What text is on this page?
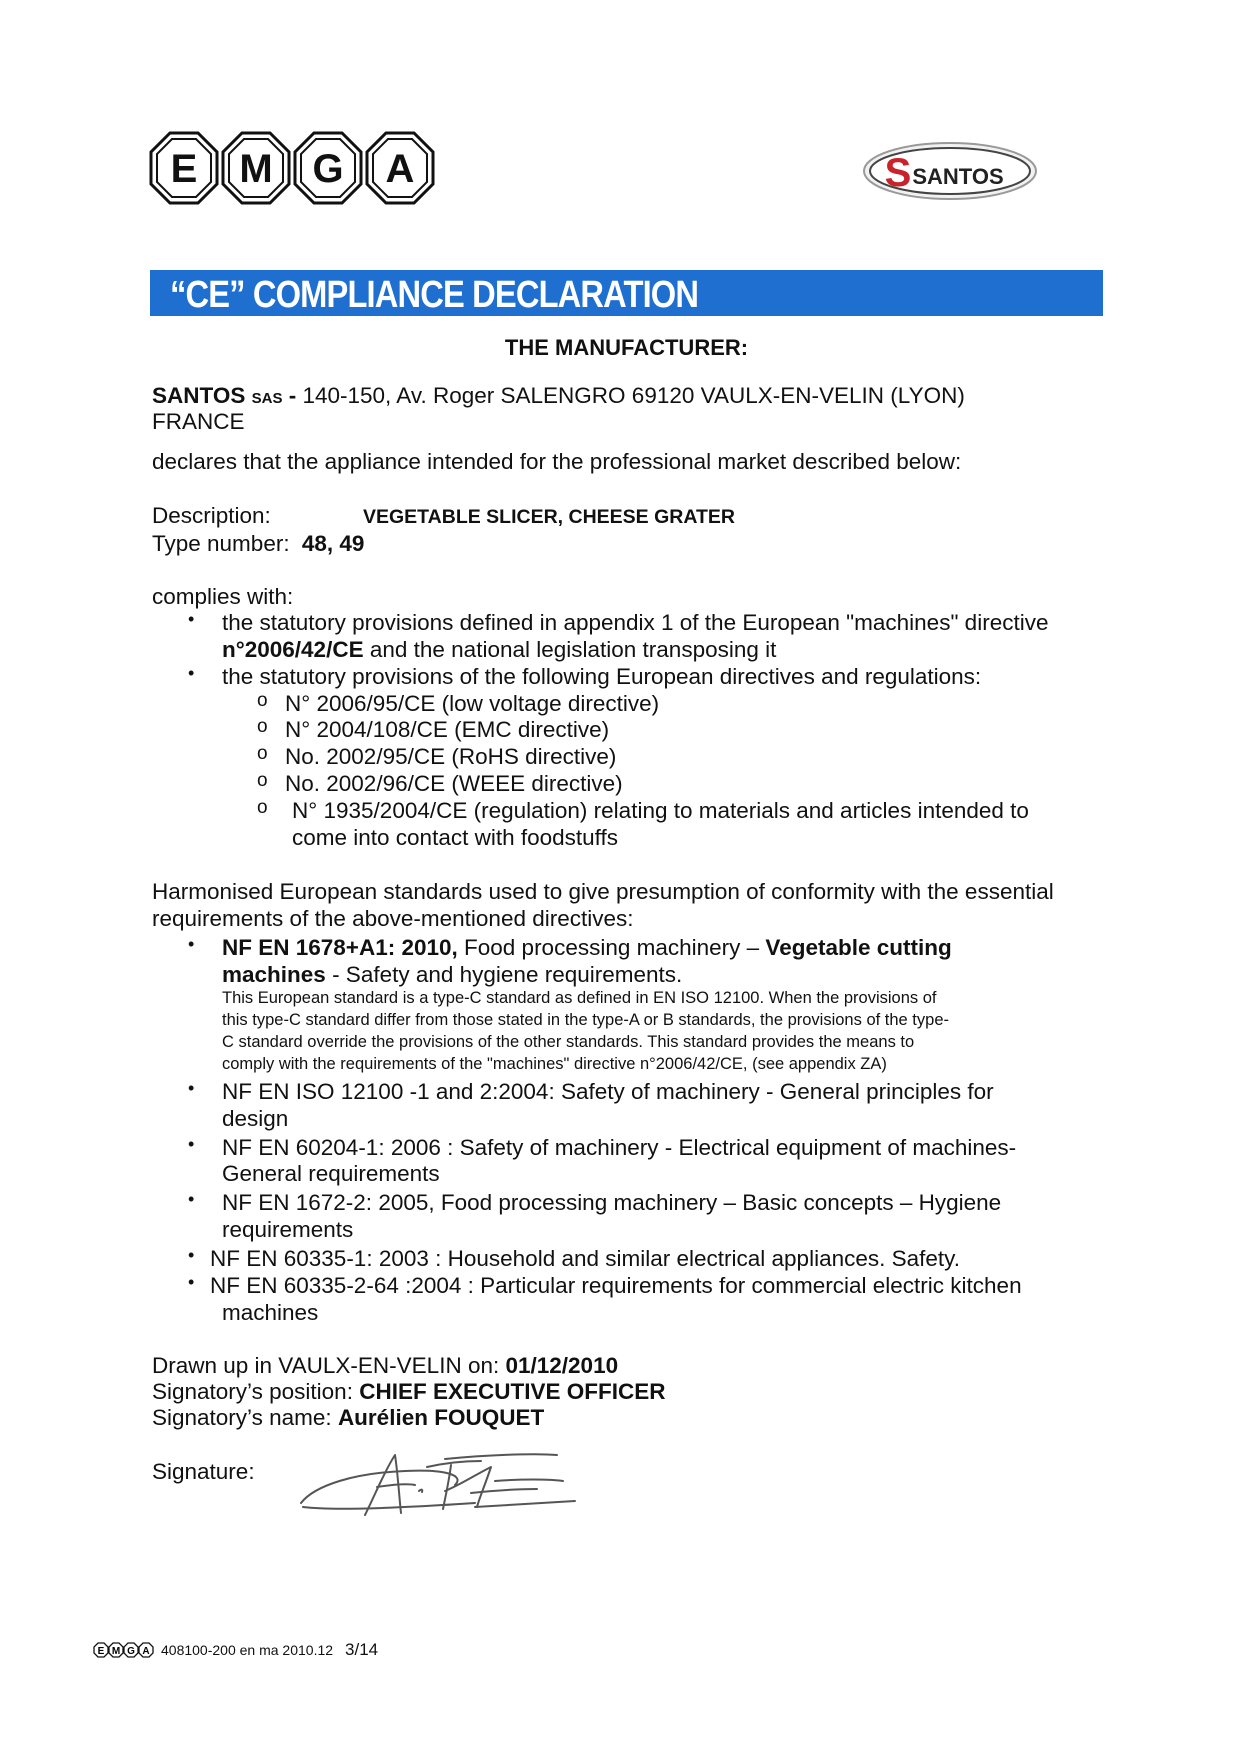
E M G A	S SANTOS
“CE” COMPLIANCE DECLARATION
THE MANUFACTURER:
SANTOS SAS - 140-150, Av. Roger SALENGRO 69120 VAULX-EN-VELIN (LYON)
FRANCE
declares that the appliance intended for the professional market described below:
Description:	VEGETABLE SLICER, CHEESE GRATER
Type number: 48, 49
complies with:
• the statutory provisions defined in appendix 1 of the European "machines" directive
n°2006/42/CE and the national legislation transposing it
• the statutory provisions of the following European directives and regulations:
o N° 2006/95/CE (low voltage directive)
o N° 2004/108/CE (EMC directive)
o No. 2002/95/CE (RoHS directive)
o No. 2002/96/CE (WEEE directive)
o N° 1935/2004/CE (regulation) relating to materials and articles intended to
come into contact with foodstuffs
Harmonised European standards used to give presumption of conformity with the essential
requirements of the above-mentioned directives:
• NF EN 1678+A1: 2010, Food processing machinery – Vegetable cutting
machines - Safety and hygiene requirements.
This European standard is a type-C standard as defined in EN ISO 12100. When the provisions of
this type-C standard differ from those stated in the type-A or B standards, the provisions of the type-
C standard override the provisions of the other standards. This standard provides the means to
comply with the requirements of the "machines" directive n°2006/42/CE, (see appendix ZA)
• NF EN ISO 12100 -1 and 2:2004: Safety of machinery - General principles for
design
• NF EN 60204-1: 2006 : Safety of machinery - Electrical equipment of machines-
General requirements
• NF EN 1672-2: 2005, Food processing machinery – Basic concepts – Hygiene
requirements
• NF EN 60335-1: 2003 : Household and similar electrical appliances. Safety.
• NF EN 60335-2-64 :2004 : Particular requirements for commercial electric kitchen
machines
Drawn up in VAULX-EN-VELIN on: 01/12/2010
Signatory’s position: CHIEF EXECUTIVE OFFICER
Signatory’s name: Aurélien FOUQUET
Signature:
E M G A 408100-200 en ma 2010.12 3/14
